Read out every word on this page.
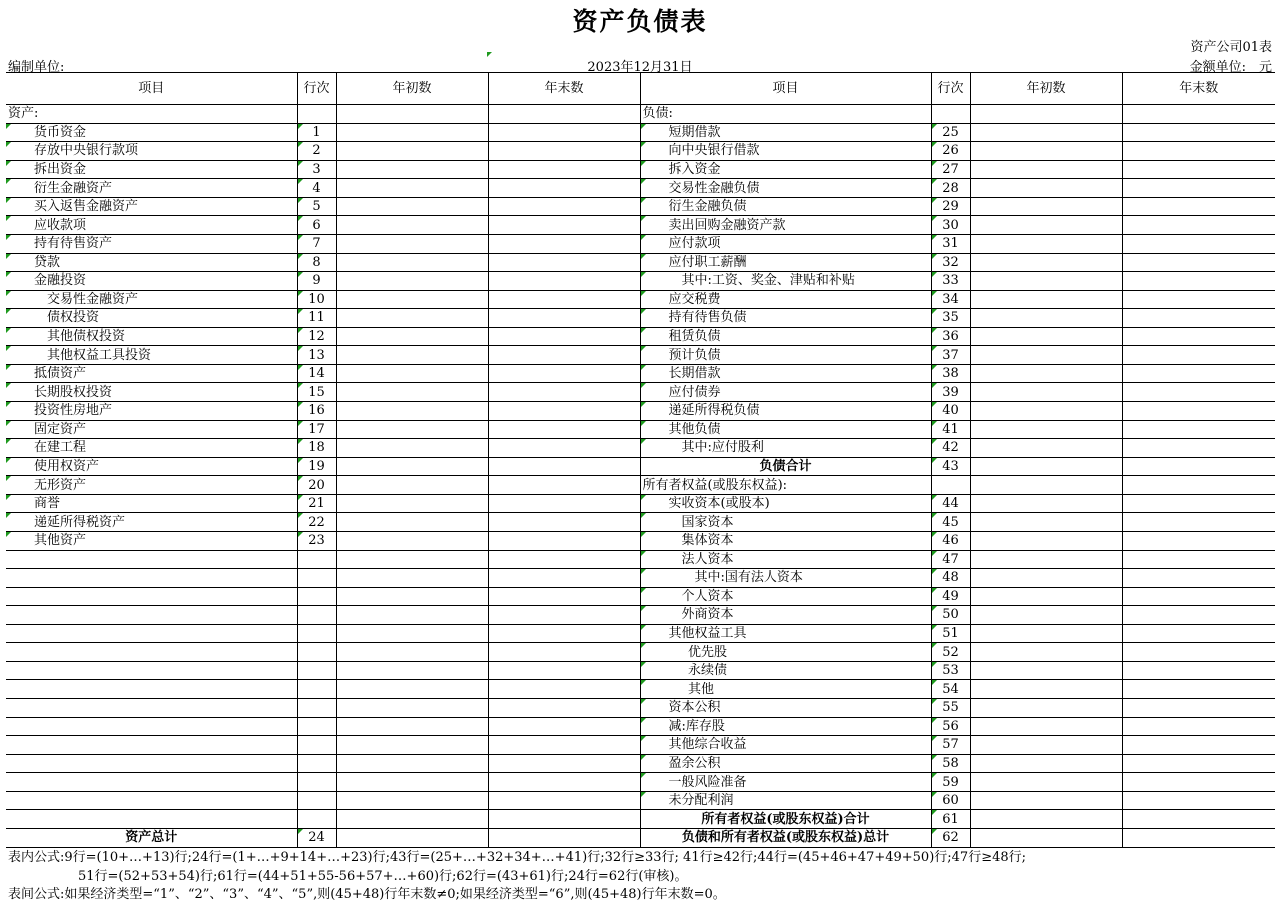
资产负债表
资产公司01表
编制单位:	2023年12月31日	金额单位:　元
项目	行次	年初数	年末数	项目	行次	年初数	年末数
资产:				负债:			
货币资金	1			短期借款	25		
存放中央银行款项	2			向中央银行借款	26		
拆出资金	3			拆入资金	27		
衍生金融资产	4			交易性金融负债	28		
买入返售金融资产	5			衍生金融负债	29		
应收款项	6			卖出回购金融资产款	30		
持有待售资产	7			应付款项	31		
贷款	8			应付职工薪酬	32		
金融投资	9			其中:工资、奖金、津贴和补贴	33		
交易性金融资产	10			应交税费	34		
债权投资	11			持有待售负债	35		
其他债权投资	12			租赁负债	36		
其他权益工具投资	13			预计负债	37		
抵债资产	14			长期借款	38		
长期股权投资	15			应付债券	39		
投资性房地产	16			递延所得税负债	40		
固定资产	17			其他负债	41		
在建工程	18			其中:应付股利	42		
使用权资产	19			负债合计	43		
无形资产	20			所有者权益(或股东权益):			
商誉	21			实收资本(或股本)	44		
递延所得税资产	22			国家资本	45		
其他资产	23			集体资本	46		
				法人资本	47		
				其中:国有法人资本	48		
				个人资本	49		
				外商资本	50		
				其他权益工具	51		
				优先股	52		
				永续债	53		
				其他	54		
				资本公积	55		
				减:库存股	56		
				其他综合收益	57		
				盈余公积	58		
				一般风险准备	59		
				未分配利润	60		
				所有者权益(或股东权益)合计	61		
资产总计	24			负债和所有者权益(或股东权益)总计	62		
表内公式:9行=(10+…+13)行;24行=(1+…+9+14+…+23)行;43行=(25+…+32+34+…+41)行;32行≥33行; 41行≥42行;44行=(45+46+47+49+50)行;47行≥48行;
51行=(52+53+54)行;61行=(44+51+55-56+57+…+60)行;62行=(43+61)行;24行=62行(审核)。
表间公式:如果经济类型=“1”、“2”、“3”、“4”、“5”,则(45+48)行年末数≠0;如果经济类型=“6”,则(45+48)行年末数=0。
